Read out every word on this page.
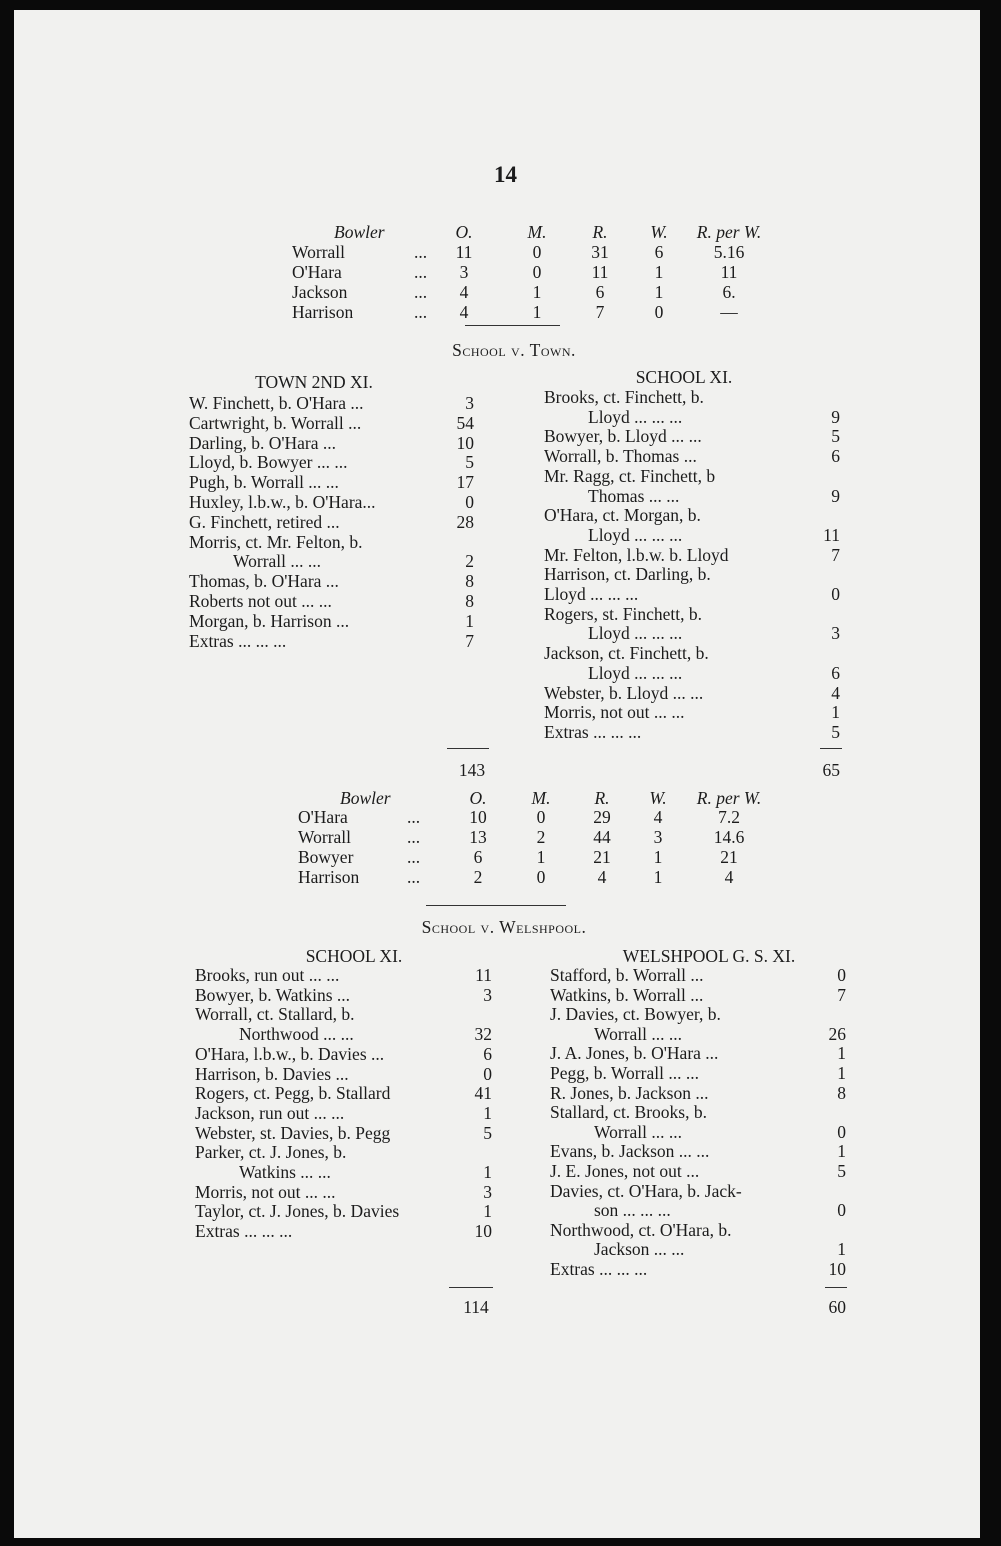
14
Bowler	O.	M.	R.	W.	R. per W.
Worrall	...	11	0	31	6	5.16
O'Hara	...	3	0	11	1	11
Jackson	...	4	1	6	1	6.
Harrison	...	4	1	7	0	—
School v. Town.
TOWN 2ND XI.	SCHOOL XI.
W. Finchett, b. O'Hara ...	3
Cartwright, b. Worrall ...	54
Darling, b. O'Hara ...	10
Lloyd, b. Bowyer ... ...	5
Pugh, b. Worrall ... ...	17
Huxley, l.b.w., b. O'Hara...	0
G. Finchett, retired ...	28
Morris, ct. Mr. Felton, b.
Worrall ... ...	2
Thomas, b. O'Hara ...	8
Roberts not out ... ...	8
Morgan, b. Harrison ...	1
Extras ... ... ...	7
Brooks, ct. Finchett, b.
Lloyd ... ... ...	9
Bowyer, b. Lloyd ... ...	5
Worrall, b. Thomas ...	6
Mr. Ragg, ct. Finchett, b
Thomas ... ...	9
O'Hara, ct. Morgan, b.
Lloyd ... ... ...	11
Mr. Felton, l.b.w. b. Lloyd	7
Harrison, ct. Darling, b.
Lloyd ... ... ...	0
Rogers, st. Finchett, b.
Lloyd ... ... ...	3
Jackson, ct. Finchett, b.
Lloyd ... ... ...	6
Webster, b. Lloyd ... ...	4
Morris, not out ... ...	1
Extras ... ... ...	5
143	65
Bowler	O.	M.	R.	W.	R. per W.
O'Hara	...	10	0	29	4	7.2
Worrall	...	13	2	44	3	14.6
Bowyer	...	6	1	21	1	21
Harrison	...	2	0	4	1	4
School v. Welshpool.
SCHOOL XI.	WELSHPOOL G. S. XI.
Brooks, run out ... ...	11
Bowyer, b. Watkins ...	3
Worrall, ct. Stallard, b.
Northwood ... ...	32
O'Hara, l.b.w., b. Davies ...	6
Harrison, b. Davies ...	0
Rogers, ct. Pegg, b. Stallard	41
Jackson, run out ... ...	1
Webster, st. Davies, b. Pegg	5
Parker, ct. J. Jones, b.
Watkins ... ...	1
Morris, not out ... ...	3
Taylor, ct. J. Jones, b. Davies	1
Extras ... ... ...	10
Stafford, b. Worrall ...	0
Watkins, b. Worrall ...	7
J. Davies, ct. Bowyer, b.
Worrall ... ...	26
J. A. Jones, b. O'Hara ...	1
Pegg, b. Worrall ... ...	1
R. Jones, b. Jackson ...	8
Stallard, ct. Brooks, b.
Worrall ... ...	0
Evans, b. Jackson ... ...	1
J. E. Jones, not out ...	5
Davies, ct. O'Hara, b. Jack-
son ... ... ...	0
Northwood, ct. O'Hara, b.
Jackson ... ...	1
Extras ... ... ...	10
114	60
